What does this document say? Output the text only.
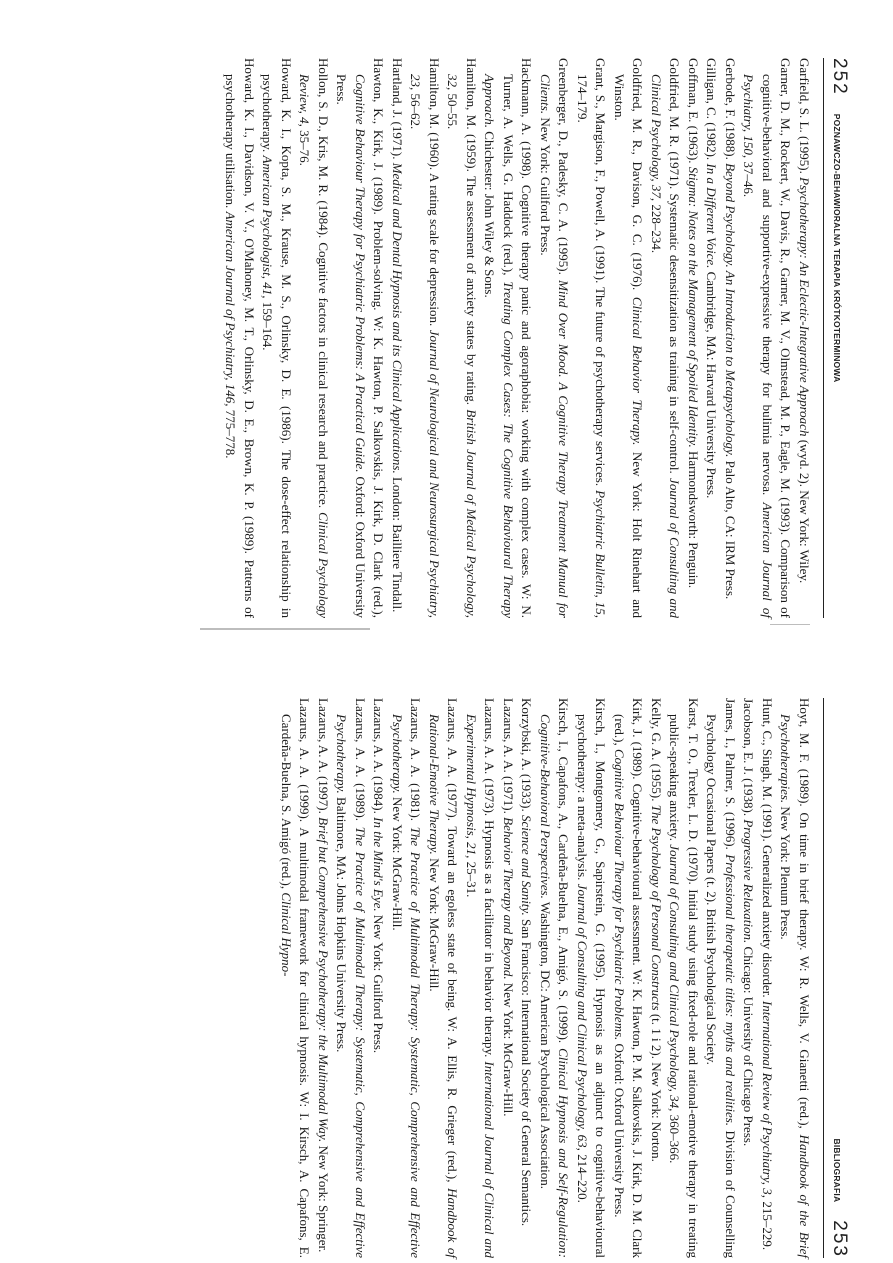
252
POZNAWCZO-BEHAWIORALNA TERAPIA KRÓTKOTERMINOWA
Garfield, S. L. (1995). Psychotherapy: An Eclectic-Integrative Approach (wyd. 2). New York: Wiley.
Garner, D. M., Rockert, W., Davis, R., Garner, M. V., Olmstead, M. P., Eagle, M. (1993). Comparison of cognitive-behavioral and supportive-expressive therapy for bulimia nervosa. American Journal of Psychiatry, 150, 37–46.
Gerbode, F. (1988). Beyond Psychology. An Introduction to Metapsychology. Palo Alto, CA: IRM Press.
Gilligan, C. (1982). In a Different Voice. Cambridge, MA: Harvard University Press.
Goffman, E. (1963). Stigma: Notes on the Management of Spoiled Identity. Harmondsworth: Penguin.
Goldfried, M. R. (1971). Systematic desensitization as training in self-control. Journal of Consulting and Clinical Psychology, 37, 228–234.
Goldfried, M. R., Davison, G. C. (1976). Clinical Behavior Therapy. New York: Holt Rinehart and Winston.
Grant, S., Margison, F., Powell, A. (1991). The future of psychotherapy services. Psychiatric Bulletin, 15, 174–179.
Greenberger, D., Padesky, C. A. (1995). Mind Over Mood. A Cognitive Therapy Treatment Manual for Clients. New York: Guilford Press.
Hackmann, A. (1998). Cognitive therapy panic and agoraphobia: working with complex cases. W: N. Turner, A. Wells, G. Haddock (red.), Treating Complex Cases: The Cognitive Behavioural Therapy Approach. Chichester: John Wiley & Sons.
Hamilton, M. (1959). The assessment of anxiety states by rating. British Journal of Medical Psychology, 32, 50–55.
Hamilton, M. (1960). A rating scale for depression. Journal of Neurological and Neurosurgical Psychiatry, 23, 56–62.
Hartland, J. (1971). Medical and Dental Hypnosis and its Clinical Applications. London: Bailliere Tindall.
Hawton, K., Kirk, J. (1989). Problem-solving. W: K. Hawton, P. Salkovskis, J. Kirk, D. Clark (red.), Cognitive Behaviour Therapy for Psychiatric Problems: A Practical Guide. Oxford: Oxford University Press.
Hollon, S. D., Kris, M. R. (1984). Cognitive factors in clinical research and practice. Clinical Psychology Review, 4, 35–76.
Howard, K. I., Kopta, S. M., Krause, M. S., Orlinsky, D. E. (1986). The dose-effect relationship in psychotherapy. American Psychologist, 41, 159–164.
Howard, K. I., Davidson, V. V., O'Mahoney, M. T., Orlinsky, D. E., Brown, K. P. (1989). Patterns of psychotherapy utilisation. American Journal of Psychiatry, 146, 775–778.
BIBLIOGRAFIA
253
Hoyt, M. F. (1989). On time in brief therapy. W: R. Wells, V. Gianetti (red.), Handbook of the Brief Psychotherapies. New York: Plenum Press.
Hunt, C., Singh, M. (1991). Generalized anxiety disorder. International Review of Psychiatry, 3, 215–229.
Jacobson, E. J. (1938). Progressive Relaxation. Chicago: University of Chicago Press.
James, I., Palmer, S. (1996). Professional therapeutic titles: myths and realities. Division of Counselling Psychology Occasional Papers (t. 2). British Psychological Society.
Karst, T. O., Trexler, L. D. (1970). Initial study using fixed-role and rational-emotive therapy in treating public-speaking anxiety. Journal of Consulting and Clinical Psychology, 34, 360–366.
Kelly, G. A. (1955). The Psychology of Personal Constructs (t. 1 i 2). New York: Norton.
Kirk, J. (1989). Cognitive-behavioural assessment. W: K. Hawton, P. M. Salkovskis, J. Kirk, D. M. Clark (red.), Cognitive Behaviour Therapy for Psychiatric Problems. Oxford: Oxford University Press.
Kirsch, I., Montgomery, G., Sapirstein, G. (1995). Hypnosis as an adjunct to cognitive-behavioural psychotherapy: a meta-analysis. Journal of Consulting and Clinical Psychology, 63, 214–220.
Kirsch, I., Capafons, A., Cardeña-Buelna, E., Amigó, S. (1999). Clinical Hypnosis and Self-Regulation: Cognitive-Behavioral Perspectives. Washington, DC: American Psychological Association.
Korzybski, A. (1933). Science and Sanity. San Francisco: International Society of General Semantics.
Lazarus, A. A. (1971). Behavior Therapy and Beyond. New York: McGraw-Hill.
Lazarus, A. A. (1973). Hypnosis as a facilitator in behavior therapy. International Journal of Clinical and Experimental Hypnosis, 21, 25–31.
Lazarus, A. A. (1977). Toward an egoless state of being. W: A. Ellis, R. Grieger (red.), Handbook of Rational-Emotive Therapy. New York: McGraw-Hill.
Lazarus, A. A. (1981). The Practice of Multimodal Therapy: Systematic, Comprehensive and Effective Psychotherapy. New York: McGraw-Hill.
Lazarus, A. A. (1984). In the Mind's Eye. New York: Guilford Press.
Lazarus, A. A. (1989). The Practice of Multimodal Therapy: Systematic, Comprehensive and Effective Psychotherapy. Baltimore, MA: Johns Hopkins University Press.
Lazarus, A. A. (1997). Brief but Comprehensive Psychotherapy: the Multimodal Way. New York: Springer.
Lazarus, A. A. (1999). A multimodal framework for clinical hypnosis. W: I. Kirsch, A. Capafons, E. Cardeña-Buelna, S. Amigó (red.), Clinical Hypno-
